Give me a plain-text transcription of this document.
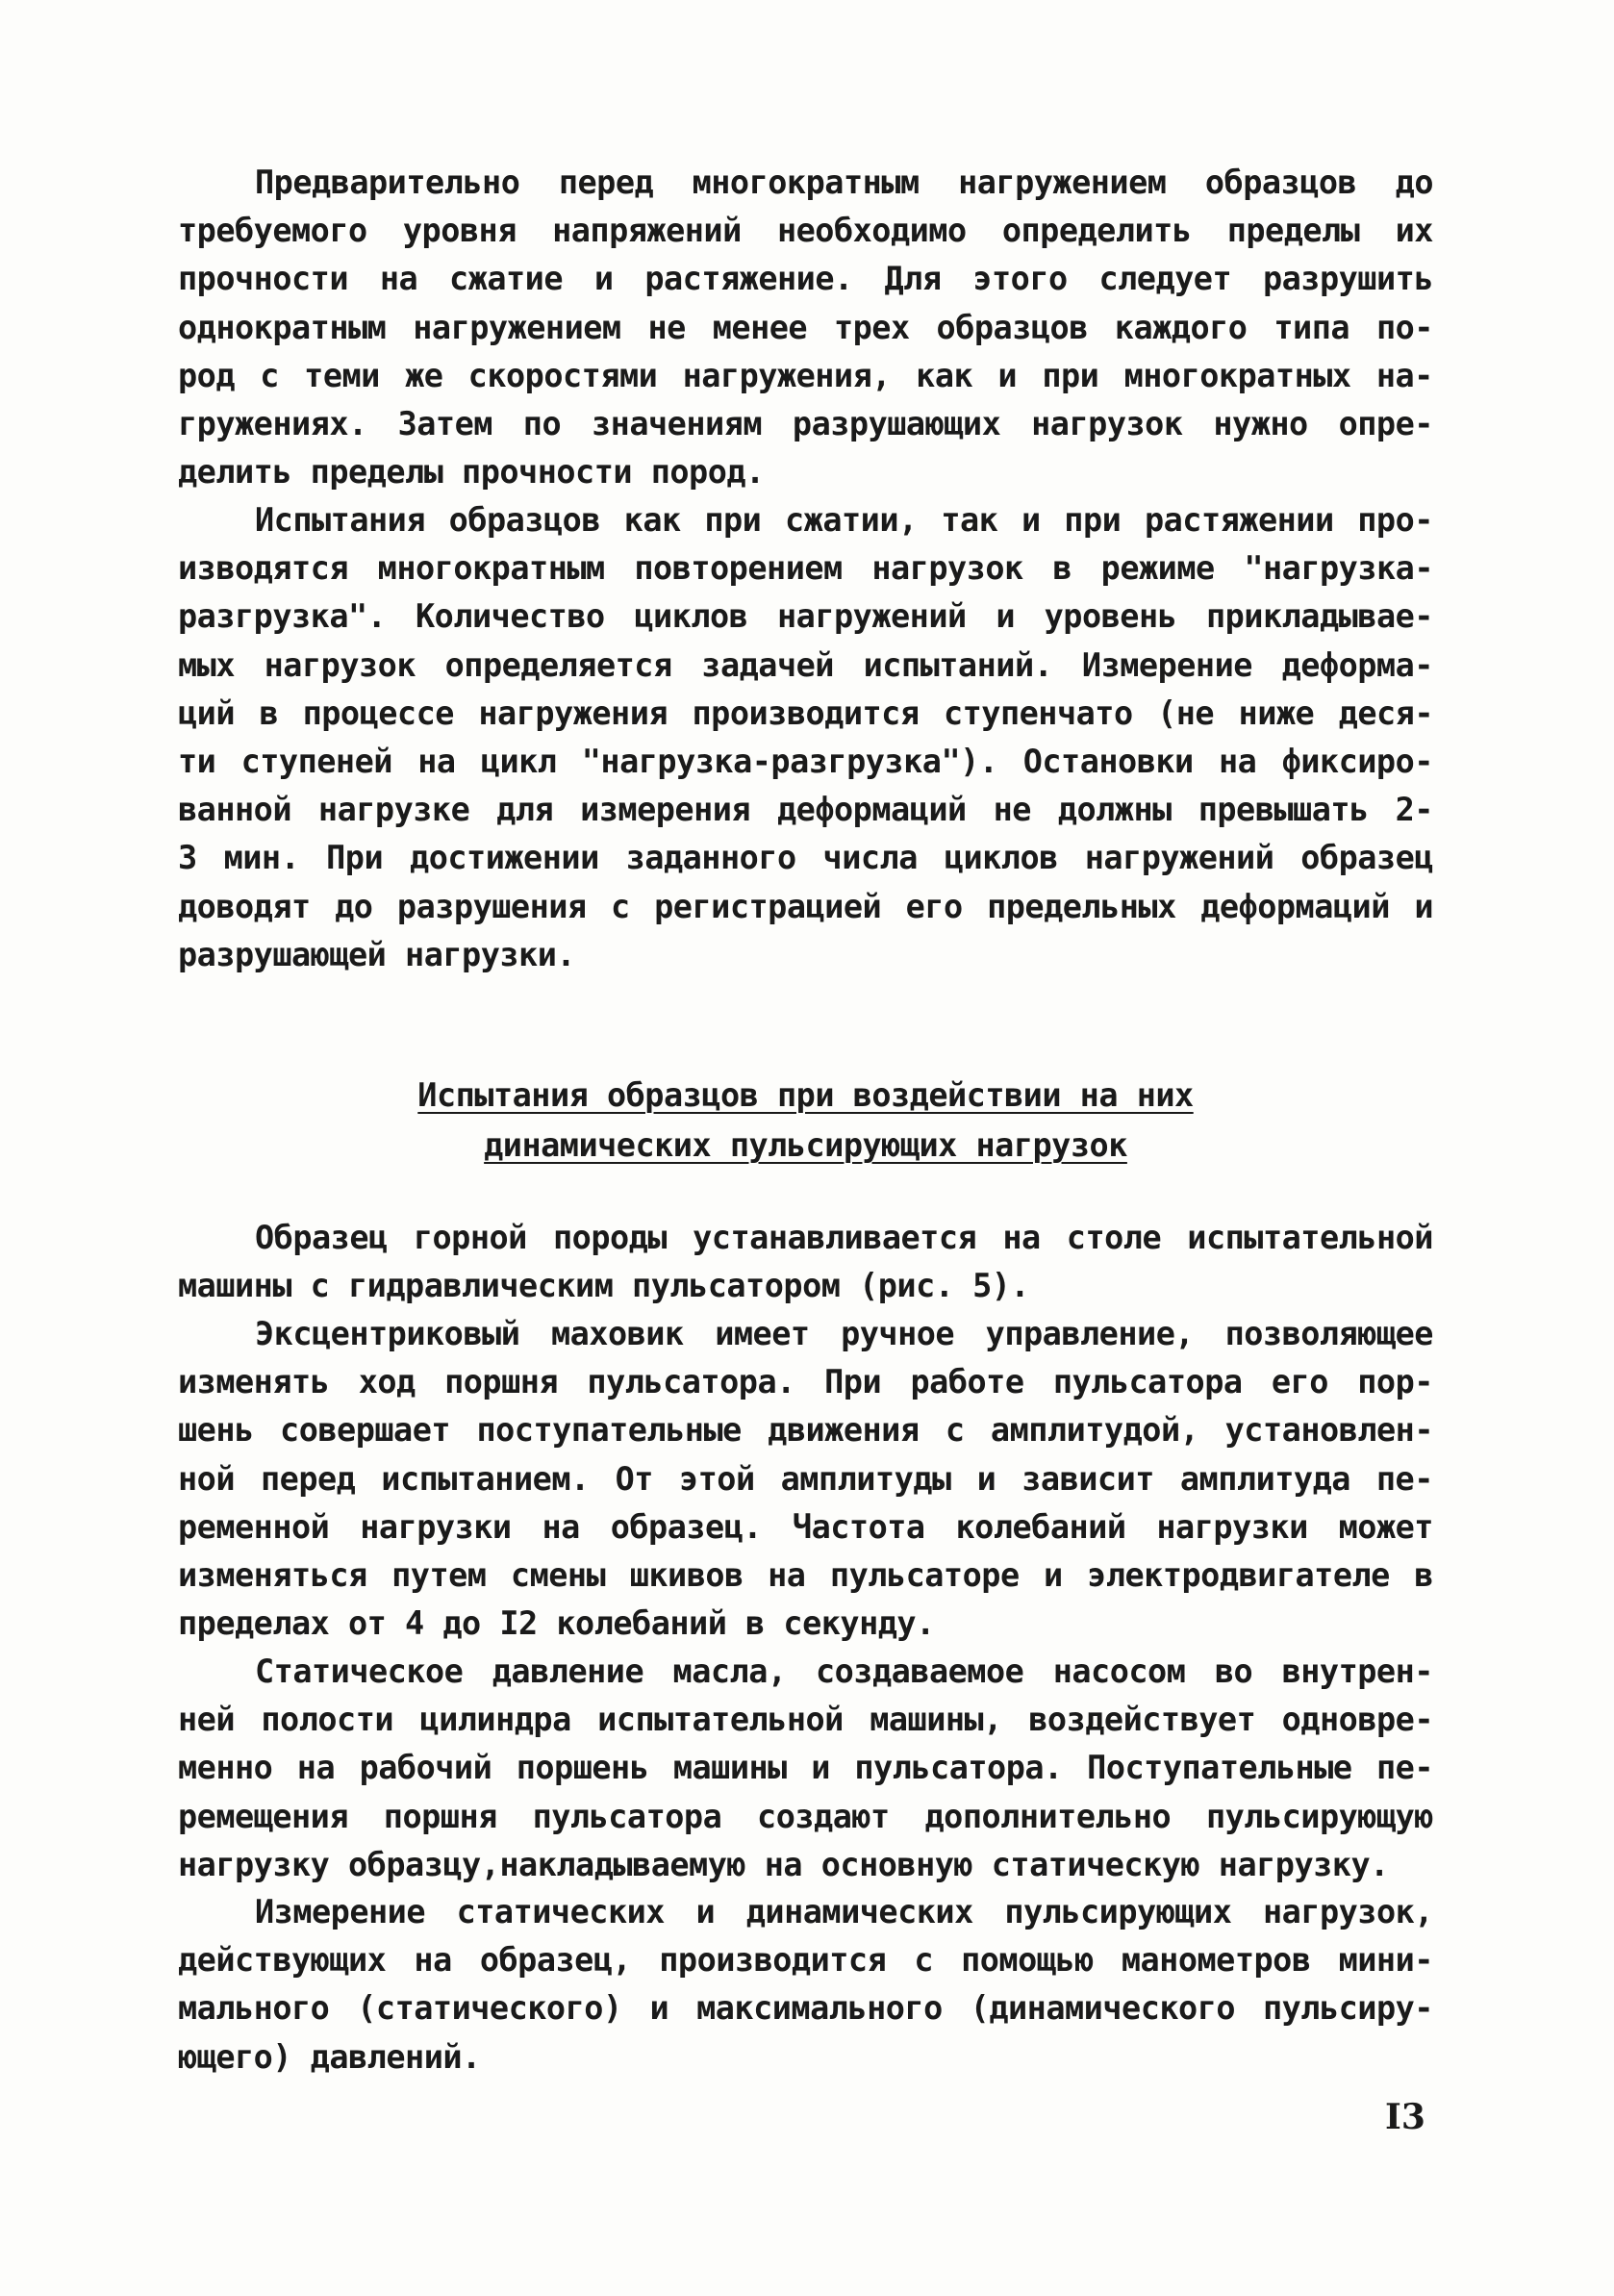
Предварительно перед многократным нагружением образцов до
требуемого уровня напряжений необходимо определить пределы их
прочности на сжатие и растяжение. Для этого следует разрушить
однократным нагружением не менее трех образцов каждого типа по-
род с теми же скоростями нагружения, как и при многократных на-
гружениях. Затем по значениям разрушающих нагрузок нужно опре-
делить пределы прочности пород.
Испытания образцов как при сжатии, так и при растяжении про-
изводятся многократным повторением нагрузок в режиме "нагрузка-
разгрузка". Количество циклов нагружений и уровень прикладывае-
мых нагрузок определяется задачей испытаний. Измерение деформа-
ций в процессе нагружения производится ступенчато (не ниже деся-
ти ступеней на цикл "нагрузка-разгрузка"). Остановки на фиксиро-
ванной нагрузке для измерения деформаций не должны превышать 2-
3 мин. При достижении заданного числа циклов нагружений образец
доводят до разрушения с регистрацией его предельных деформаций и
разрушающей нагрузки.
Испытания образцов при воздействии на них
динамических пульсирующих нагрузок
Образец горной породы устанавливается на столе испытательной
машины с гидравлическим пульсатором (рис. 5).
Эксцентриковый маховик имеет ручное управление, позволяющее
изменять ход поршня пульсатора. При работе пульсатора его пор-
шень совершает поступательные движения с амплитудой, установлен-
ной перед испытанием. От этой амплитуды и зависит амплитуда пе-
ременной нагрузки на образец. Частота колебаний нагрузки может
изменяться путем смены шкивов на пульсаторе и электродвигателе в
пределах от 4 до I2 колебаний в секунду.
Статическое давление масла, создаваемое насосом во внутрен-
ней полости цилиндра испытательной машины, воздействует одновре-
менно на рабочий поршень машины и пульсатора. Поступательные пе-
ремещения поршня пульсатора создают дополнительно пульсирующую
нагрузку образцу,накладываемую на основную статическую нагрузку.
Измерение статических и динамических пульсирующих нагрузок,
действующих на образец, производится с помощью манометров мини-
мального (статического) и максимального (динамического пульсиру-
ющего) давлений.
I3
